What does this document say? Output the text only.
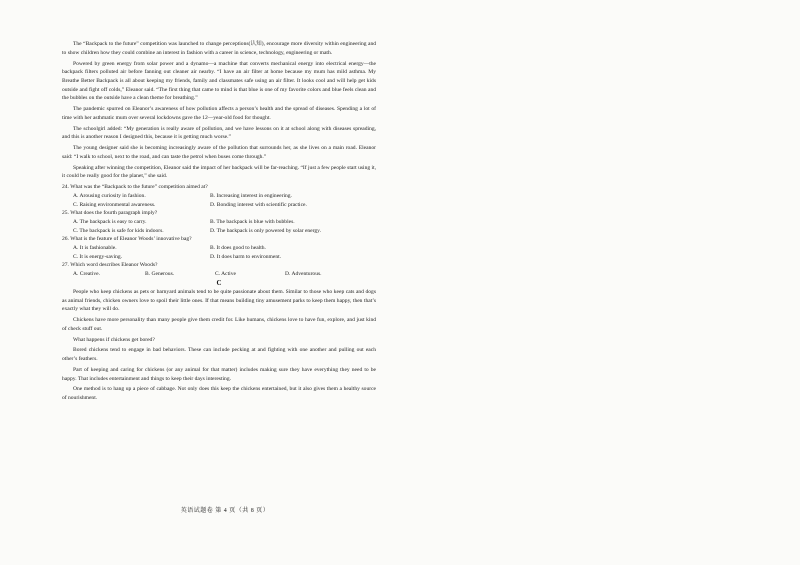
The “Backpack to the future” competition was launched to change perceptions(认知), encourage more diversity within engineering and to show children how they could combine an interest in fashion with a career in science, technology, engineering or math.

Powered by green energy from solar power and a dynamo—a machine that converts mechanical energy into electrical energy—the backpack filters polluted air before fanning out cleaner air nearby. “I have an air filter at home because my mum has mild asthma. My Breathe Better Backpack is all about keeping my friends, family and classmates safe using an air filter. It looks cool and will help get kids outside and fight off colds,” Eleanor said. “The first thing that came to mind is that blue is one of my favorite colors and blue feels clean and the bubbles on the outside have a clean theme for breathing.”

The pandemic spurred on Eleanor’s awareness of how pollution affects a person’s health and the spread of diseases. Spending a lot of time with her asthmatic mum over several lockdowns gave the 12—year-old food for thought.

The schoolgirl added: “My generation is really aware of pollution, and we have lessons on it at school along with diseases spreading, and this is another reason I designed this, because it is getting much worse.”

The young designer said she is becoming increasingly aware of the pollution that surrounds her, as she lives on a main road. Eleanor said: “I walk to school, next to the road, and can taste the petrol when buses come through.”

Speaking after winning the competition, Eleanor said the impact of her backpack will be far-reaching. “If just a few people start using it, it could be really good for the planet,” she said.

24. What was the “Backpack to the future” competition aimed at?

A. Arousing curiosity in fashion.	B. Increasing interest in engineering.
C. Raising environmental awareness.	D. Bonding interest with scientific practice.

25. What does the fourth paragraph imply?

A. The backpack is easy to carry.	B. The backpack is blue with bubbles.
C. The backpack is safe for kids indoors.	D. The backpack is only powered by solar energy.

26. What is the feature of Eleanor Woods’ innovative bag?

A. It is fashionable.	B. It does good to health.
C. It is energy-saving.	D. It does harm to environment.

27. Which word describes Eleanor Woods?

A. Creative.	B. Generous.	C. Active	D. Adventurous.
C

People who keep chickens as pets or barnyard animals tend to be quite passionate about them. Similar to those who keep cats and dogs as animal friends, chicken owners love to spoil their little ones. If that means building tiny amusement parks to keep them happy, then that’s exactly what they will do.

Chickens have more personality than many people give them credit for. Like humans, chickens love to have fun, explore, and just kind of check stuff out.

What happens if chickens get bored?

Bored chickens tend to engage in bad behaviors. These can include pecking at and fighting with one another and pulling out each other’s feathers.

Part of keeping and caring for chickens (or any animal for that matter) includes making sure they have everything they need to be happy. That includes entertainment and things to keep their days interesting.

One method is to hang up a piece of cabbage. Not only does this keep the chickens entertained, but it also gives them a healthy source of nourishment.

英语试题卷 第 4 页（共 8 页）
